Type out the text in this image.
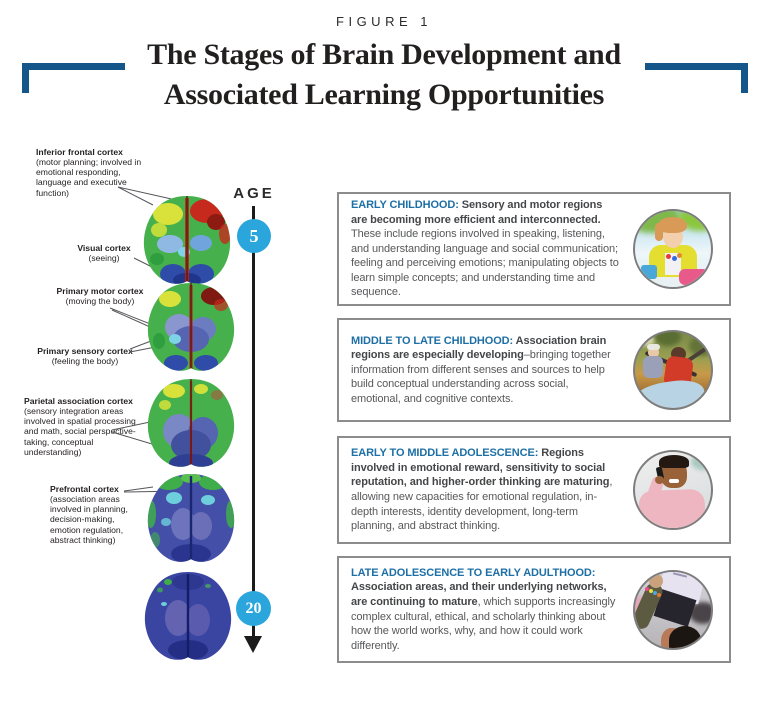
FIGURE 1
The Stages of Brain Development and
Associated Learning Opportunities
Inferior frontal cortex (motor planning; involved in emotional responding, language and executive function)
Visual cortex (seeing)
Primary motor cortex (moving the body)
Primary sensory cortex (feeling the body)
Parietal association cortex (sensory integration areas involved in spatial processing and math, social perspective-taking, conceptual understanding)
Prefrontal cortex (association areas involved in planning, decision-making, emotion regulation, abstract thinking)
AGE
5
20

EARLY CHILDHOOD: Sensory and motor regions are becoming more efficient and interconnected. These include regions involved in speaking, listening, and understanding language and social communication; feeling and perceiving emotions; manipulating objects to learn simple concepts; and understanding time and sequence.

MIDDLE TO LATE CHILDHOOD: Association brain regions are especially developing–bringing together information from different senses and sources to help build conceptual understanding across social, emotional, and cognitive contexts.

EARLY TO MIDDLE ADOLESCENCE: Regions involved in emotional reward, sensitivity to social reputation, and higher-order thinking are maturing, allowing new capacities for emotional regulation, in-depth interests, identity development, long-term planning, and abstract thinking.

LATE ADOLESCENCE TO EARLY ADULTHOOD: Association areas, and their underlying networks, are continuing to mature, which supports increasingly complex cultural, ethical, and scholarly thinking about how the world works, why, and how it could work differently.
